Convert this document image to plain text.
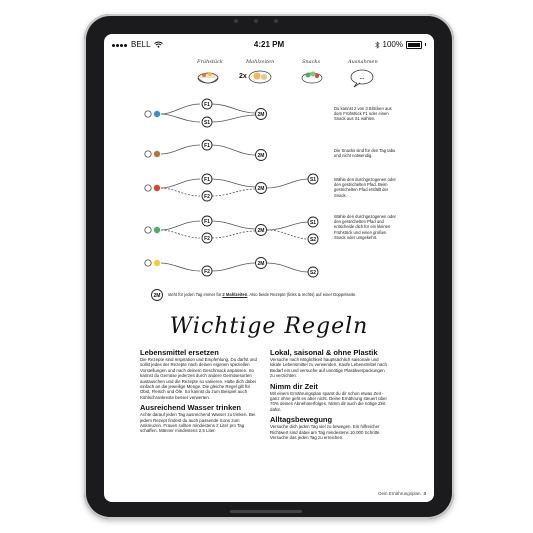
BELL	4:21 PM	100%
Frühstück	Mahlzeiten	Snacks	Ausnahmen
2x	...
F1
S1
2M
F1
2M
F1
F2
2M
S1
F1
F2
2M
S1
S2
F2
2M
S2
2M
Du kannst 2 von 3 Blöcken aus dem Frühstück F1 oder einen Snack aus S1 wählen.
Die Snacks sind für den Tag tabu und nicht notwendig.
Wähle den durchgezogenen oder den gestrichelten Pfad. Beim gestrichelten Pfad entfällt der Snack.
Wähle den durchgezogenen oder den gestrichelten Pfad und entscheide dich für ein kleines Frühstück und einen großen Snack oder umgekehrt.
steht für jeden Tag immer für 2 Mahlzeiten. Also beide Rezepte (links & rechts) auf einer Doppelseite.
Wichtige Regeln
Lebensmittel ersetzen

Die Rezepte sind Inspiration und Empfehlung. Du darfst und sollst jedes der Rezepte nach deinen eigenen speziellen Vorstellungen und nach deinem Geschmack anpassen. So kannst du Gemüse jederzeit durch andere Gemüsesorten austauschen und die Rezepte so variieren. Halte dich dabei einfach an die jeweilige Menge. Die gleiche Regel gilt für Obst, Fleisch und Öle. So kannst du zum Beispiel auch Kühlschrankreste besser verwerten.

Ausreichend Wasser trinken

Achte darauf jeden Tag ausreichend Wasser zu trinken. Bei jedem Rezept findest du auch passende Icons zum Ankreuzen. Frauen sollten mindestens 2 Liter pro Tag schaffen. Männer mindestens 2,5 Liter.

Lokal, saisonal & ohne Plastik

Versuche nach Möglichkeit hauptsächlich saisonale und lokale Lebensmittel zu verwenden. Kaufe Lebensmittel nach Bedarf ein und versuche auf unnötige Plastikverpackungen zu verzichten.

Nimm dir Zeit

Mit einem Ernährungsplan sparst du dir schon etwas Zeit - ganz ohne geht es aber nicht. Deine Ernährung steuert über 70% deines Abnehmerfolges. Nimm dir auch die nötige Zeit dafür.

Alltagsbewegung

Versuche dich jeden Tag viel zu bewegen. Ein hilfreicher Richtwert sind dabei am Tag mindestens 10.000 Schritte. Versuche das jeden Tag zu erreichen.

Dein Ernährungsplan 3
